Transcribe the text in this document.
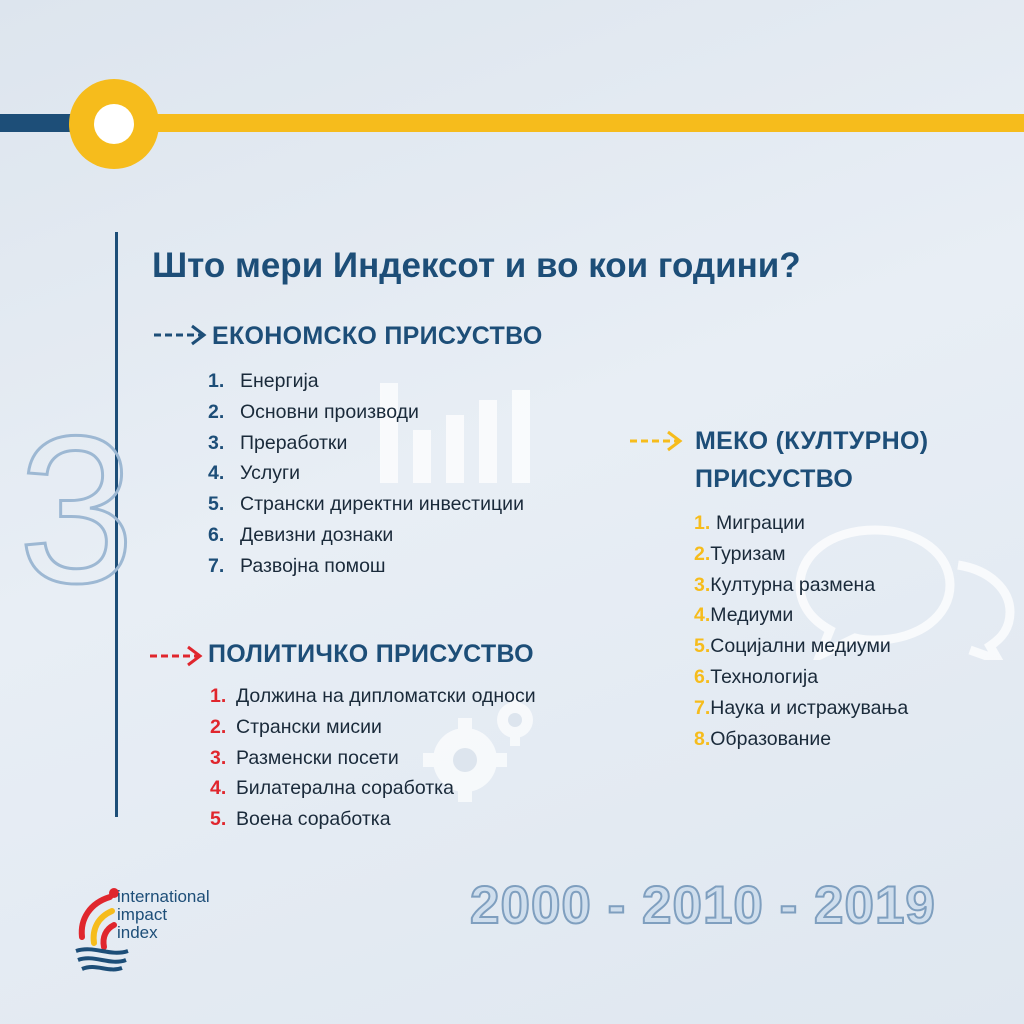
3
Што мери Индексот и во кои години?
ЕКОНОМСКО ПРИСУСТВО
1. Енергија
2. Основни производи
3. Преработки
4. Услуги
5. Странски директни инвестиции
6. Девизни дознаки
7. Развојна помош
ПОЛИТИЧКО ПРИСУСТВО
1. Должина на дипломатски односи
2. Странски мисии
3. Разменски посети
4. Билатерална соработка
5. Воена соработка
МЕКО (КУЛТУРНО)
ПРИСУСТВО
1. Миграции
2.Туризам
3.Културна размена
4.Медиуми
5.Социјални медиуми
6.Технологија
7.Наука и истражувања
8.Образование
international
impact
index	2000 - 2010 - 2019
